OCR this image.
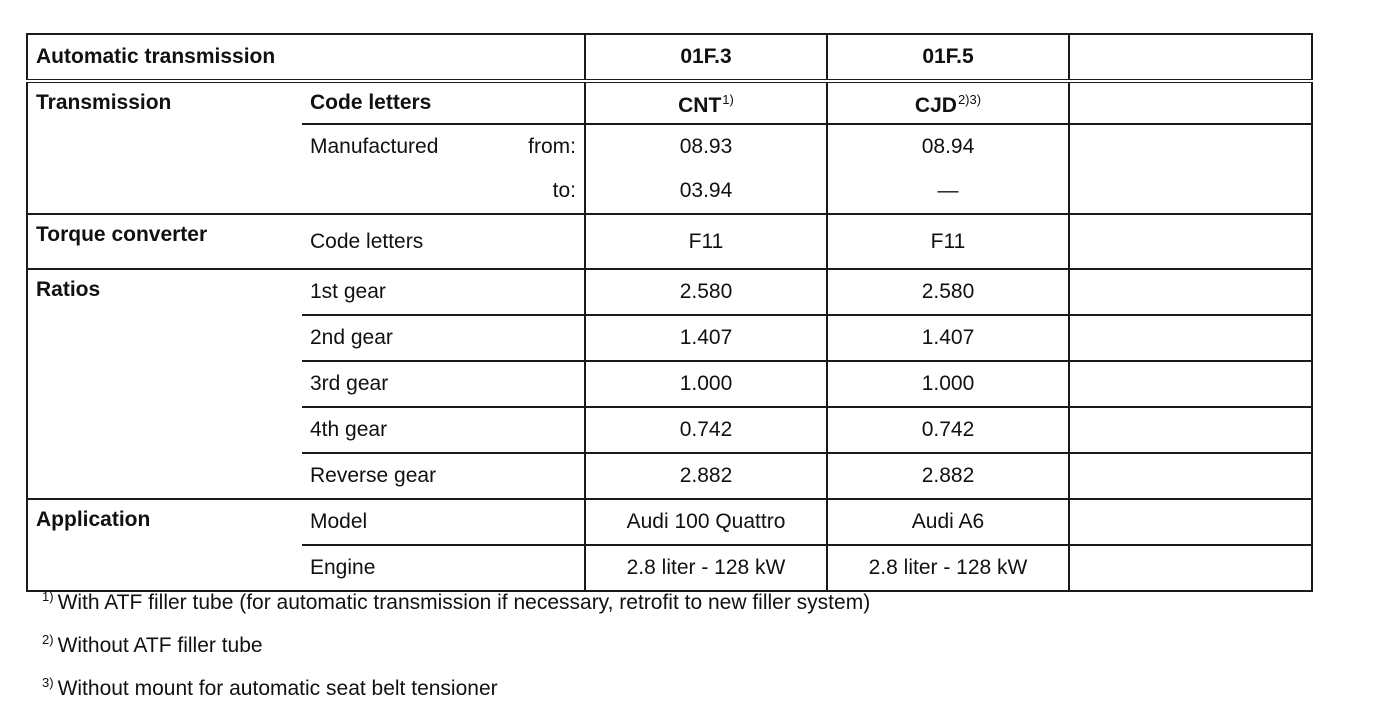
Automatic transmission		01F.3	01F.5	
Transmission	Code letters	CNT$^{1)}$	$CJD^{2)3)}$	

	Manufactured from:	08.93	08.94	

	to:	03.94	—	
Torque converter	Code letters	F11	F11	
Ratios	1st gear	2.580	2.580	
	2nd gear	1.407	1.407	
	3rd gear	1.000	1.000	
	4th gear	0.742	0.742	
	Reverse gear	2.882	2.882	
Application	Model	Audi 100 Quattro	Audi A6	
	Engine	2.8 liter - 128 kW	2.8 liter - 128 kW	
$^{1)}$ With ATF filler tube (for automatic transmission if necessary, retrofit to new filler system)
$^{2)}$ Without ATF filler tube
$^{3)}$ Without mount for automatic seat belt tensioner
